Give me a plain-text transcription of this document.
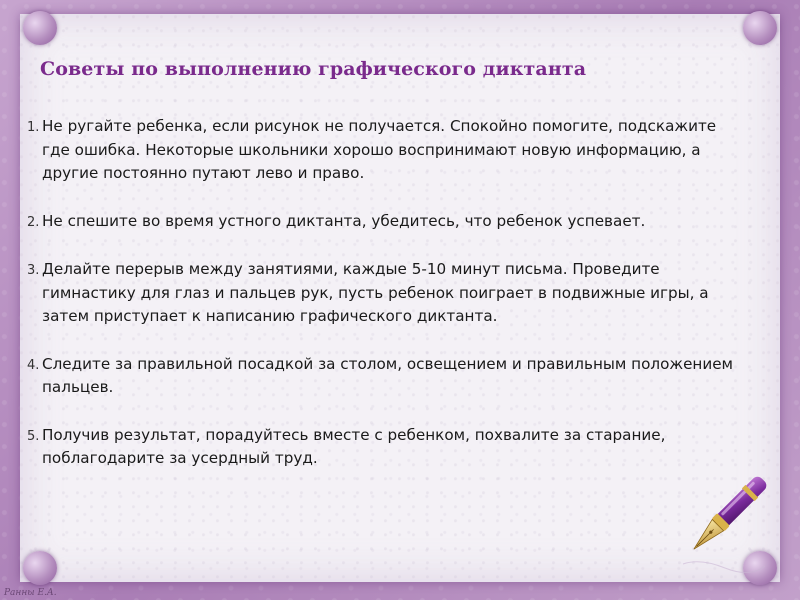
Советы по выполнению графического диктанта
1. Не ругайте ребенка, если рисунок не получается. Спокойно помогите, подскажите где ошибка. Некоторые школьники хорошо воспринимают новую информацию, а другие постоянно путают лево и право.
2. Не спешите во время устного диктанта, убедитесь, что ребенок успевает.
3. Делайте перерыв между занятиями, каждые 5-10 минут письма. Проведите гимнастику для глаз и пальцев рук, пусть ребенок поиграет в подвижные игры, а затем приступает к написанию графического диктанта.
4. Следите за правильной посадкой за столом, освещением и правильным положением пальцев.
5. Получив результат, порадуйтесь вместе с ребенком, похвалите за старание, поблагодарите за усердный труд.
Ранны Е.А.
